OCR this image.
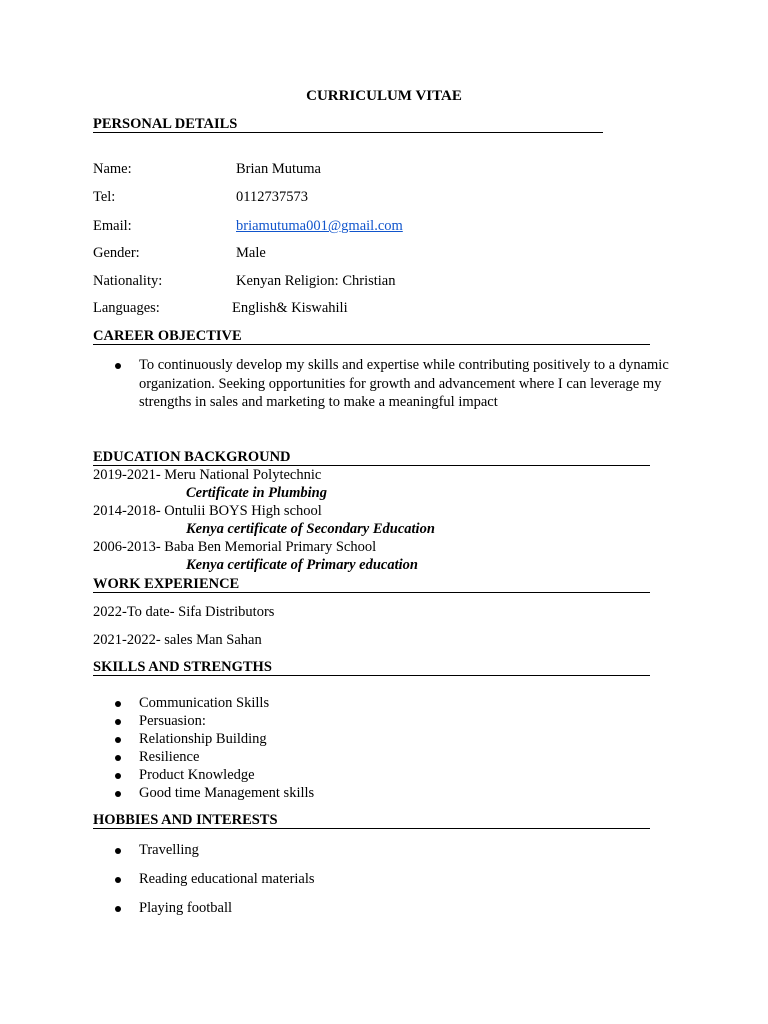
CURRICULUM VITAE
PERSONAL DETAILS
Name:	Brian Mutuma
Tel:	0112737573
Email:	briamutuma001@gmail.com
Gender:	Male
Nationality:	Kenyan Religion: Christian
Languages:	English& Kiswahili
CAREER OBJECTIVE
To continuously develop my skills and expertise while contributing positively to a dynamic organization. Seeking opportunities for growth and advancement where I can leverage my strengths in sales and marketing to make a meaningful impact
EDUCATION BACKGROUND
2019-2021- Meru National Polytechnic
Certificate in Plumbing
2014-2018- Ontulii BOYS High school
Kenya certificate of Secondary Education
2006-2013- Baba Ben Memorial Primary School
Kenya certificate of Primary education
WORK EXPERIENCE
2022-To date- Sifa Distributors
2021-2022- sales Man Sahan
SKILLS AND STRENGTHS
Communication Skills
Persuasion:
Relationship Building
Resilience
Product Knowledge
Good time Management skills
HOBBIES AND INTERESTS
Travelling
Reading educational materials
Playing football
